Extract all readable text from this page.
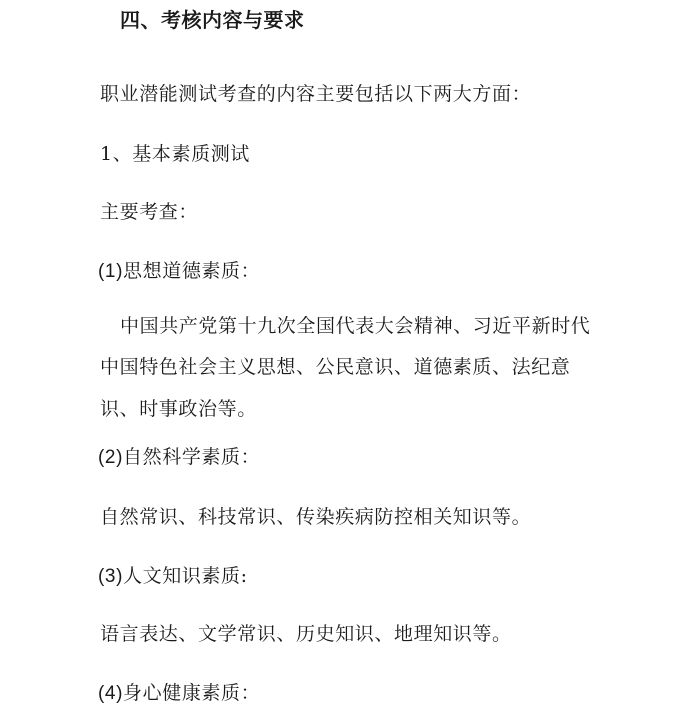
四、考核内容与要求
职业潜能测试考查的内容主要包括以下两大方面：
1、基本素质测试
主要考查：
(1)思想道德素质：
中国共产党第十九次全国代表大会精神、习近平新时代
中国特色社会主义思想、公民意识、道德素质、法纪意
识、时事政治等。
(2)自然科学素质：
自然常识、科技常识、传染疾病防控相关知识等。
(3)人文知识素质:
语言表达、文学常识、历史知识、地理知识等。
(4)身心健康素质：
